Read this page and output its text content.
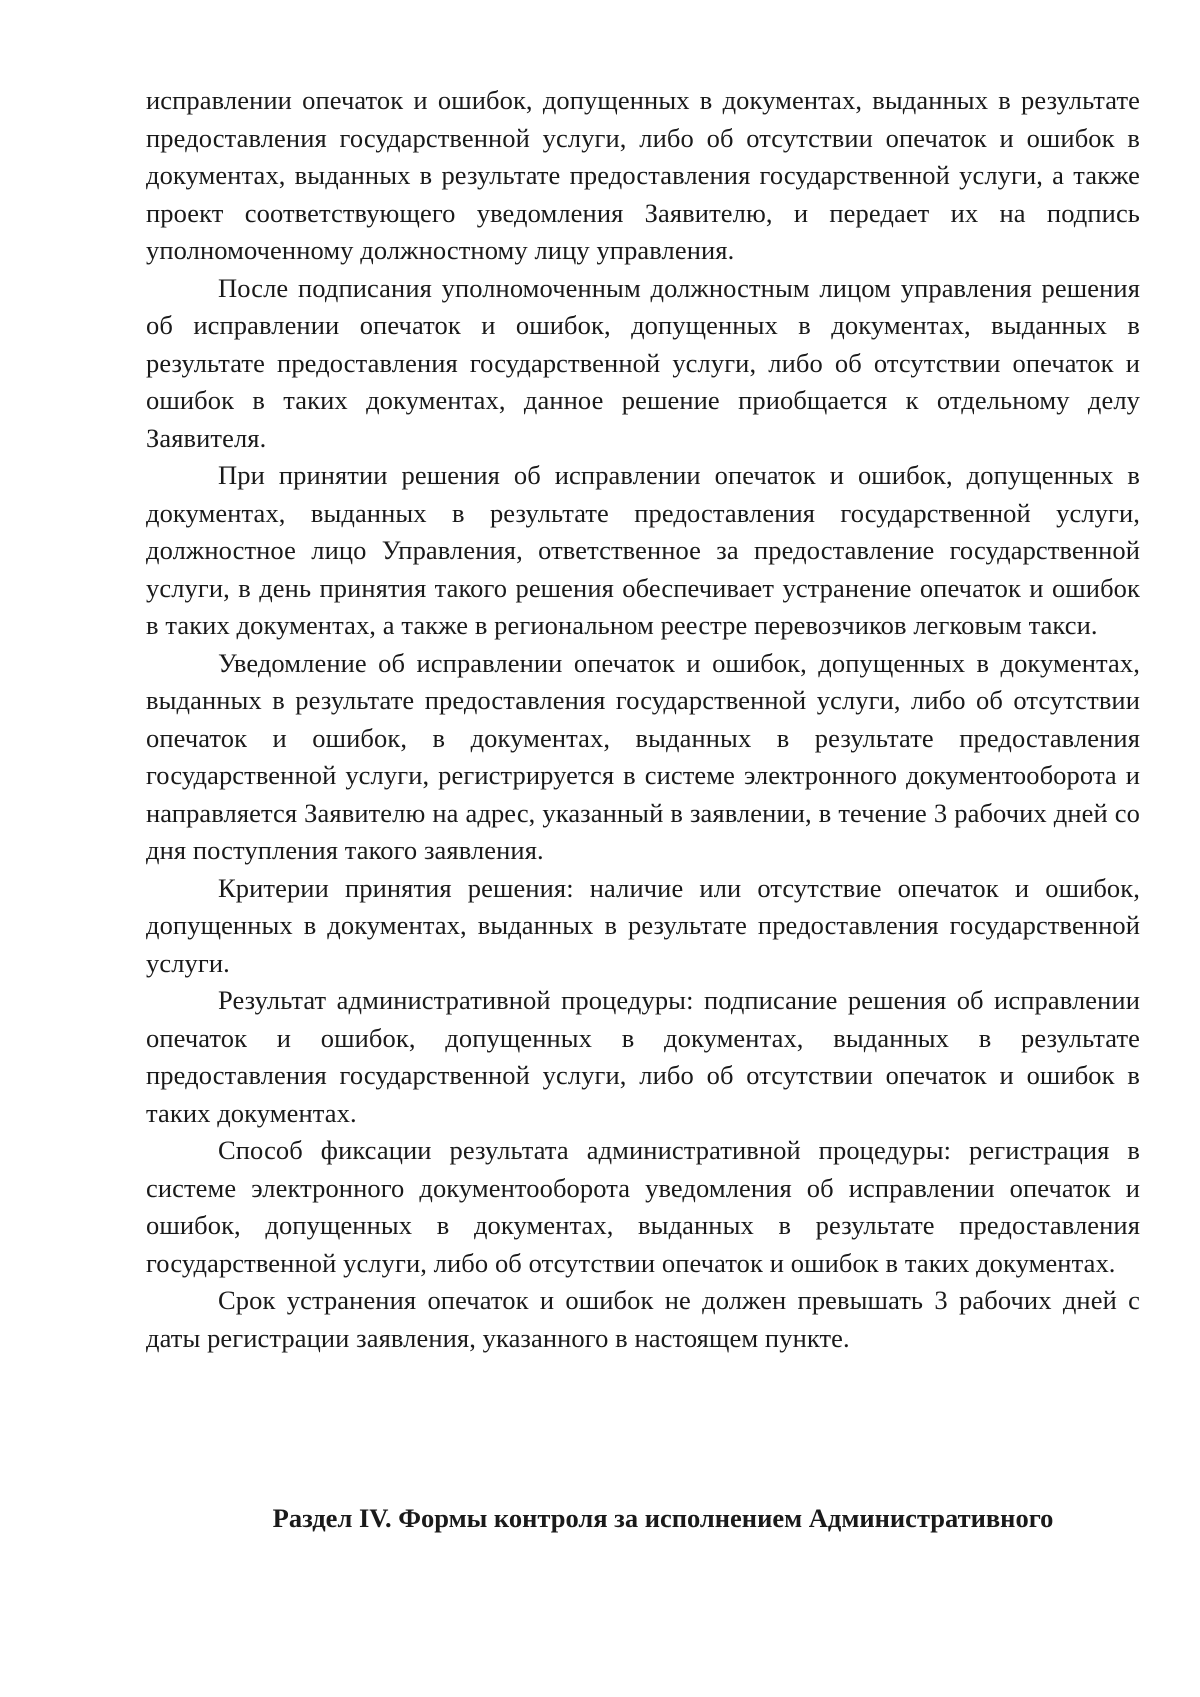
исправлении опечаток и ошибок, допущенных в документах, выданных в результате предоставления государственной услуги, либо об отсутствии опечаток и ошибок в документах, выданных в результате предоставления государственной услуги, а также проект соответствующего уведомления Заявителю, и передает их на подпись уполномоченному должностному лицу управления.

После подписания уполномоченным должностным лицом управления решения об исправлении опечаток и ошибок, допущенных в документах, выданных в результате предоставления государственной услуги, либо об отсутствии опечаток и ошибок в таких документах, данное решение приобщается к отдельному делу Заявителя.

При принятии решения об исправлении опечаток и ошибок, допущенных в документах, выданных в результате предоставления государственной услуги, должностное лицо Управления, ответственное за предоставление государственной услуги, в день принятия такого решения обеспечивает устранение опечаток и ошибок в таких документах, а также в региональном реестре перевозчиков легковым такси.

Уведомление об исправлении опечаток и ошибок, допущенных в документах, выданных в результате предоставления государственной услуги, либо об отсутствии опечаток и ошибок, в документах, выданных в результате предоставления государственной услуги, регистрируется в системе электронного документооборота и направляется Заявителю на адрес, указанный в заявлении, в течение 3 рабочих дней со дня поступления такого заявления.

Критерии принятия решения: наличие или отсутствие опечаток и ошибок, допущенных в документах, выданных в результате предоставления государственной услуги.

Результат административной процедуры: подписание решения об исправлении опечаток и ошибок, допущенных в документах, выданных в результате предоставления государственной услуги, либо об отсутствии опечаток и ошибок в таких документах.

Способ фиксации результата административной процедуры: регистрация в системе электронного документооборота уведомления об исправлении опечаток и ошибок, допущенных в документах, выданных в результате предоставления государственной услуги, либо об отсутствии опечаток и ошибок в таких документах.

Срок устранения опечаток и ошибок не должен превышать 3 рабочих дней с даты регистрации заявления, указанного в настоящем пункте.

Раздел IV. Формы контроля за исполнением Административного
